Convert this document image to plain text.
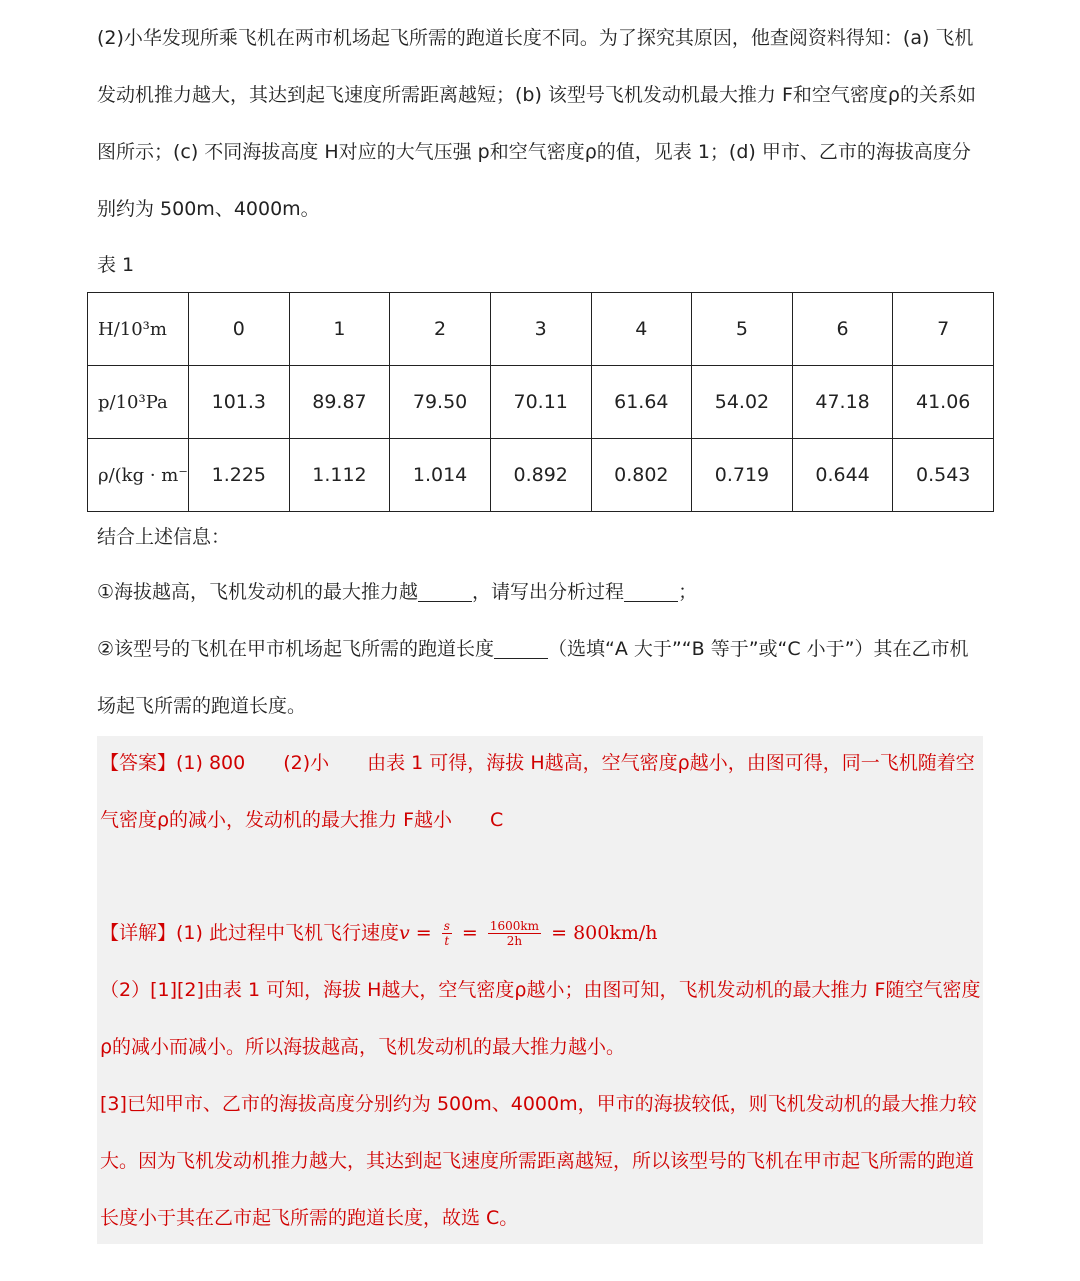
(2)小华发现所乘飞机在两市机场起飞所需的跑道长度不同。为了探究其原因，他查阅资料得知：(a) 飞机发动机推力越大，其达到起飞速度所需距离越短；(b) 该型号飞机发动机最大推力 F和空气密度ρ的关系如图所示；(c) 不同海拔高度 H对应的大气压强 p和空气密度ρ的值，见表 1；(d) 甲市、乙市的海拔高度分别约为 500m、4000m。

表 1
H/10³m	0	1	2	3	4	5	6	7
p/10³Pa	101.3	89.87	79.50	70.11	61.64	54.02	47.18	41.06
ρ/(kg · m⁻	1.225	1.112	1.014	0.892	0.802	0.719	0.644	0.543
结合上述信息：
①海拔越高，飞机发动机的最大推力越	，请写出分析过程	；
②该型号的飞机在甲市机场起飞所需的跑道长度	（选填“A 大于”“B 等于”或“C 小于”）其在乙市机场起飞所需的跑道长度。
【答案】(1) 800　　(2)小　　由表 1 可得，海拔 H越高，空气密度ρ越小，由图可得，同一飞机随着空气密度ρ的减小，发动机的最大推力 F越小　　C
【详解】(1) 此过程中飞机飞行速度$v = \frac{s}{t} = \frac{1600km}{2h} = 800km/h$
（2）[1][2]由表 1 可知，海拔 H越大，空气密度ρ越小；由图可知，飞机发动机的最大推力 F随空气密度ρ的减小而减小。所以海拔越高，飞机发动机的最大推力越小。
[3]已知甲市、乙市的海拔高度分别约为 500m、4000m，甲市的海拔较低，则飞机发动机的最大推力较大。因为飞机发动机推力越大，其达到起飞速度所需距离越短，所以该型号的飞机在甲市起飞所需的跑道长度小于其在乙市起飞所需的跑道长度，故选 C。
